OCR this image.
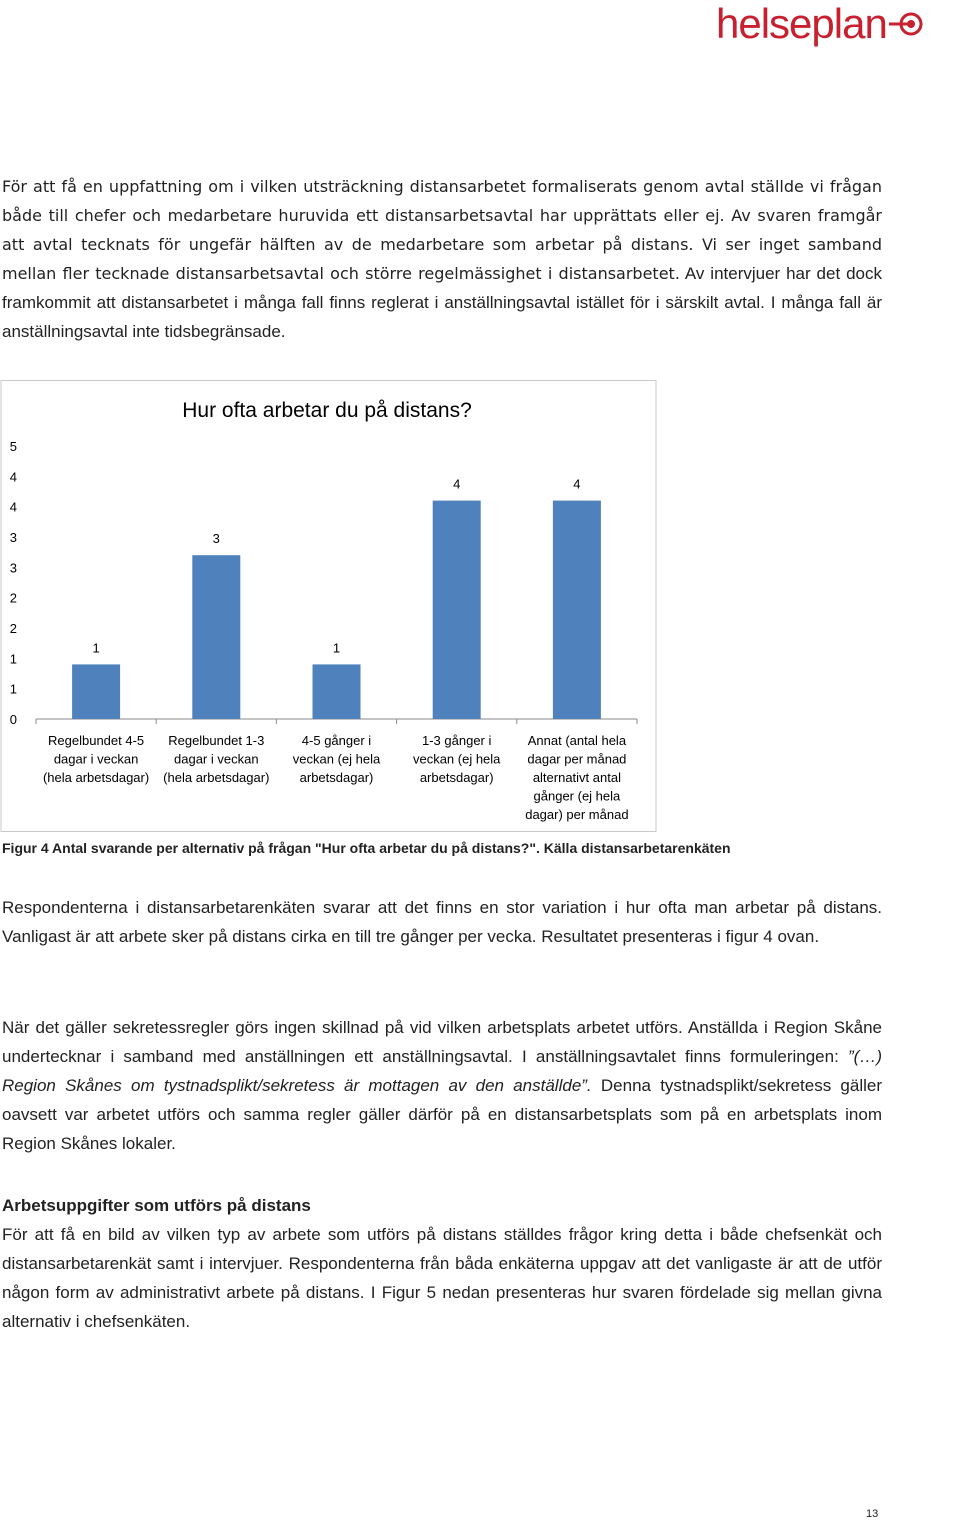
helseplan

För att få en uppfattning om i vilken utsträckning distansarbetet formaliserats genom avtal ställde vi frågan både till chefer och medarbetare huruvida ett distansarbetsavtal har upprättats eller ej. Av svaren framgår att avtal tecknats för ungefär hälften av de medarbetare som arbetar på distans. Vi ser inget samband mellan fler tecknade distansarbetsavtal och större regelmässighet i distansarbetet. Av intervjuer har det dock framkommit att distansarbetet i många fall finns reglerat i anställningsavtal istället för i särskilt avtal. I många fall är anställningsavtal inte tidsbegränsade.

Hur ofta arbetar du på distans?
0
1
1
2
2
3
3
4
4
5
1
Regelbundet 4-5
dagar i veckan
(hela arbetsdagar)
3
Regelbundet 1-3
dagar i veckan
(hela arbetsdagar)
1
4-5 gånger i
veckan (ej hela
arbetsdagar)
4
1-3 gånger i
veckan (ej hela
arbetsdagar)
4
Annat (antal hela
dagar per månad
alternativt antal
gånger (ej hela
dagar) per månad

Figur 4 Antal svarande per alternativ på frågan "Hur ofta arbetar du på distans?". Källa distansarbetarenkäten

Respondenterna i distansarbetarenkäten svarar att det finns en stor variation i hur ofta man arbetar på distans. Vanligast är att arbete sker på distans cirka en till tre gånger per vecka. Resultatet presenteras i figur 4 ovan.

När det gäller sekretessregler görs ingen skillnad på vid vilken arbetsplats arbetet utförs. Anställda i Region Skåne undertecknar i samband med anställningen ett anställningsavtal. I anställningsavtalet finns formuleringen: ”(…) Region Skånes om tystnadsplikt/sekretess är mottagen av den anställde”. Denna tystnadsplikt/sekretess gäller oavsett var arbetet utförs och samma regler gäller därför på en distansarbetsplats som på en arbetsplats inom Region Skånes lokaler.

Arbetsuppgifter som utförs på distans
För att få en bild av vilken typ av arbete som utförs på distans ställdes frågor kring detta i både chefsenkät och distansarbetarenkät samt i intervjuer. Respondenterna från båda enkäterna uppgav att det vanligaste är att de utför någon form av administrativt arbete på distans. I Figur 5 nedan presenteras hur svaren fördelade sig mellan givna alternativ i chefsenkäten.

13
